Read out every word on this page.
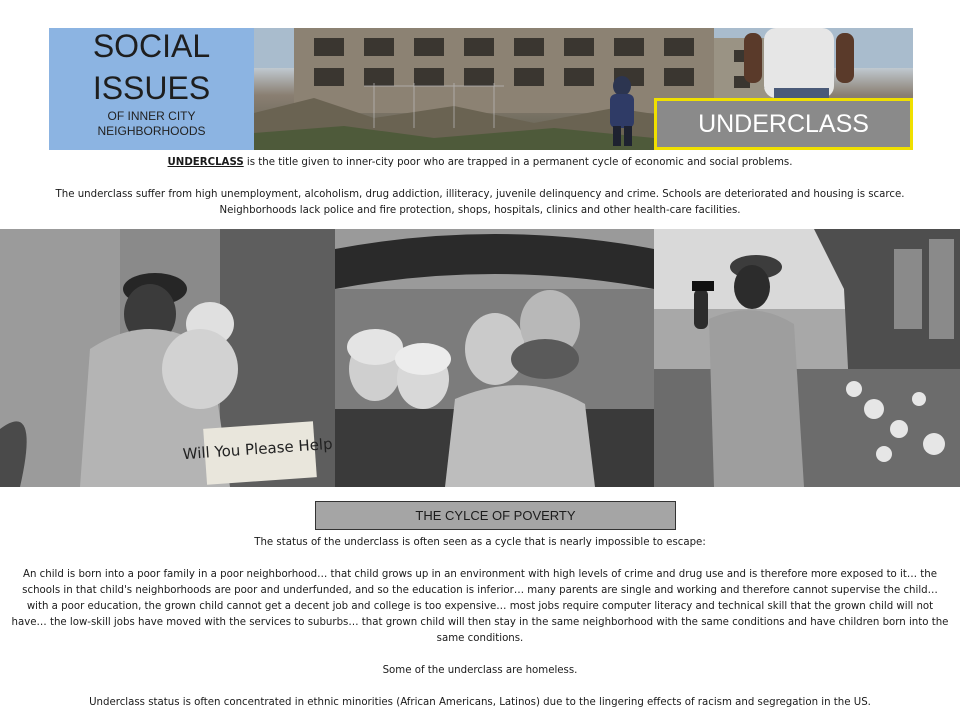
SOCIAL
ISSUES
OF INNER CITY
NEIGHBORHOODS	UNDERCLASS
UNDERCLASS is the title given to inner-city poor who are trapped in a permanent cycle of economic and social problems.
The underclass suffer from high unemployment, alcoholism, drug addiction, illiteracy, juvenile delinquency and crime. Schools are deteriorated and housing is scarce. Neighborhoods lack police and fire protection, shops, hospitals, clinics and other health-care facilities.
Will You Please Help
THE CYLCE OF POVERTY
The status of the underclass is often seen as a cycle that is nearly impossible to escape:
An child is born into a poor family in a poor neighborhood… that child grows up in an environment with high levels of crime and drug use and is therefore more exposed to it… the schools in that child's neighborhoods are poor and underfunded, and so the education is inferior… many parents are single and working and therefore cannot supervise the child… with a poor education, the grown child cannot get a decent job and college is too expensive… most jobs require computer literacy and technical skill that the grown child will not have… the low-skill jobs have moved with the services to suburbs… that grown child will then stay in the same neighborhood with the same conditions and have children born into the same conditions.
Some of the underclass are homeless.
Underclass status is often concentrated in ethnic minorities (African Americans, Latinos) due to the lingering effects of racism and segregation in the US.
